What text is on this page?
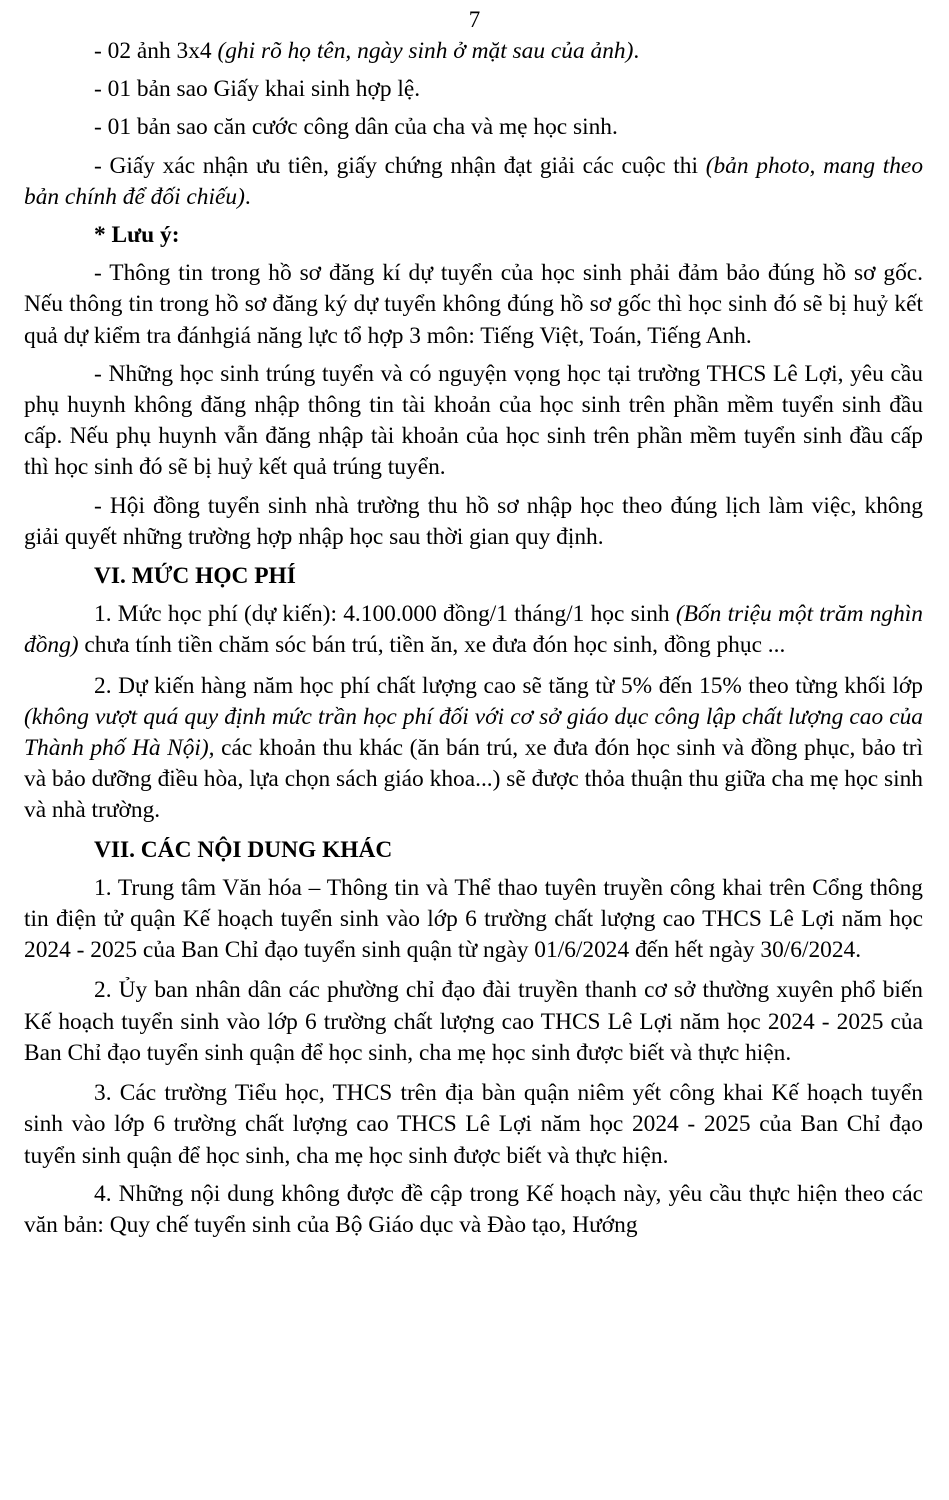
7

- 02 ảnh 3x4 (ghi rõ họ tên, ngày sinh ở mặt sau của ảnh).

- 01 bản sao Giấy khai sinh hợp lệ.

- 01 bản sao căn cước công dân của cha và mẹ học sinh.

- Giấy xác nhận ưu tiên, giấy chứng nhận đạt giải các cuộc thi (bản photo, mang theo bản chính để đối chiếu).

* Lưu ý:

- Thông tin trong hồ sơ đăng kí dự tuyển của học sinh phải đảm bảo đúng hồ sơ gốc. Nếu thông tin trong hồ sơ đăng ký dự tuyển không đúng hồ sơ gốc thì học sinh đó sẽ bị huỷ kết quả dự kiểm tra đánhgiá năng lực tổ hợp 3 môn: Tiếng Việt, Toán, Tiếng Anh.

- Những học sinh trúng tuyển và có nguyện vọng học tại trường THCS Lê Lợi, yêu cầu phụ huynh không đăng nhập thông tin tài khoản của học sinh trên phần mềm tuyển sinh đầu cấp. Nếu phụ huynh vẫn đăng nhập tài khoản của học sinh trên phần mềm tuyển sinh đầu cấp thì học sinh đó sẽ bị huỷ kết quả trúng tuyển.

- Hội đồng tuyển sinh nhà trường thu hồ sơ nhập học theo đúng lịch làm việc, không giải quyết những trường hợp nhập học sau thời gian quy định.

VI. MỨC HỌC PHÍ

1. Mức học phí (dự kiến): 4.100.000 đồng/1 tháng/1 học sinh (Bốn triệu một trăm nghìn đồng) chưa tính tiền chăm sóc bán trú, tiền ăn, xe đưa đón học sinh, đồng phục ...

2. Dự kiến hàng năm học phí chất lượng cao sẽ tăng từ 5% đến 15% theo từng khối lớp (không vượt quá quy định mức trần học phí đối với cơ sở giáo dục công lập chất lượng cao của Thành phố Hà Nội), các khoản thu khác (ăn bán trú, xe đưa đón học sinh và đồng phục, bảo trì và bảo dưỡng điều hòa, lựa chọn sách giáo khoa...) sẽ được thỏa thuận thu giữa cha mẹ học sinh và nhà trường.

VII. CÁC NỘI DUNG KHÁC

1. Trung tâm Văn hóa – Thông tin và Thể thao tuyên truyền công khai trên Cổng thông tin điện tử quận Kế hoạch tuyển sinh vào lớp 6 trường chất lượng cao THCS Lê Lợi năm học 2024 - 2025 của Ban Chỉ đạo tuyển sinh quận từ ngày 01/6/2024 đến hết ngày 30/6/2024.

2. Ủy ban nhân dân các phường chỉ đạo đài truyền thanh cơ sở thường xuyên phổ biến Kế hoạch tuyển sinh vào lớp 6 trường chất lượng cao THCS Lê Lợi năm học 2024 - 2025 của Ban Chỉ đạo tuyển sinh quận để học sinh, cha mẹ học sinh được biết và thực hiện.

3. Các trường Tiểu học, THCS trên địa bàn quận niêm yết công khai Kế hoạch tuyển sinh vào lớp 6 trường chất lượng cao THCS Lê Lợi năm học 2024 - 2025 của Ban Chỉ đạo tuyển sinh quận để học sinh, cha mẹ học sinh được biết và thực hiện.

4. Những nội dung không được đề cập trong Kế hoạch này, yêu cầu thực hiện theo các văn bản: Quy chế tuyển sinh của Bộ Giáo dục và Đào tạo, Hướng
